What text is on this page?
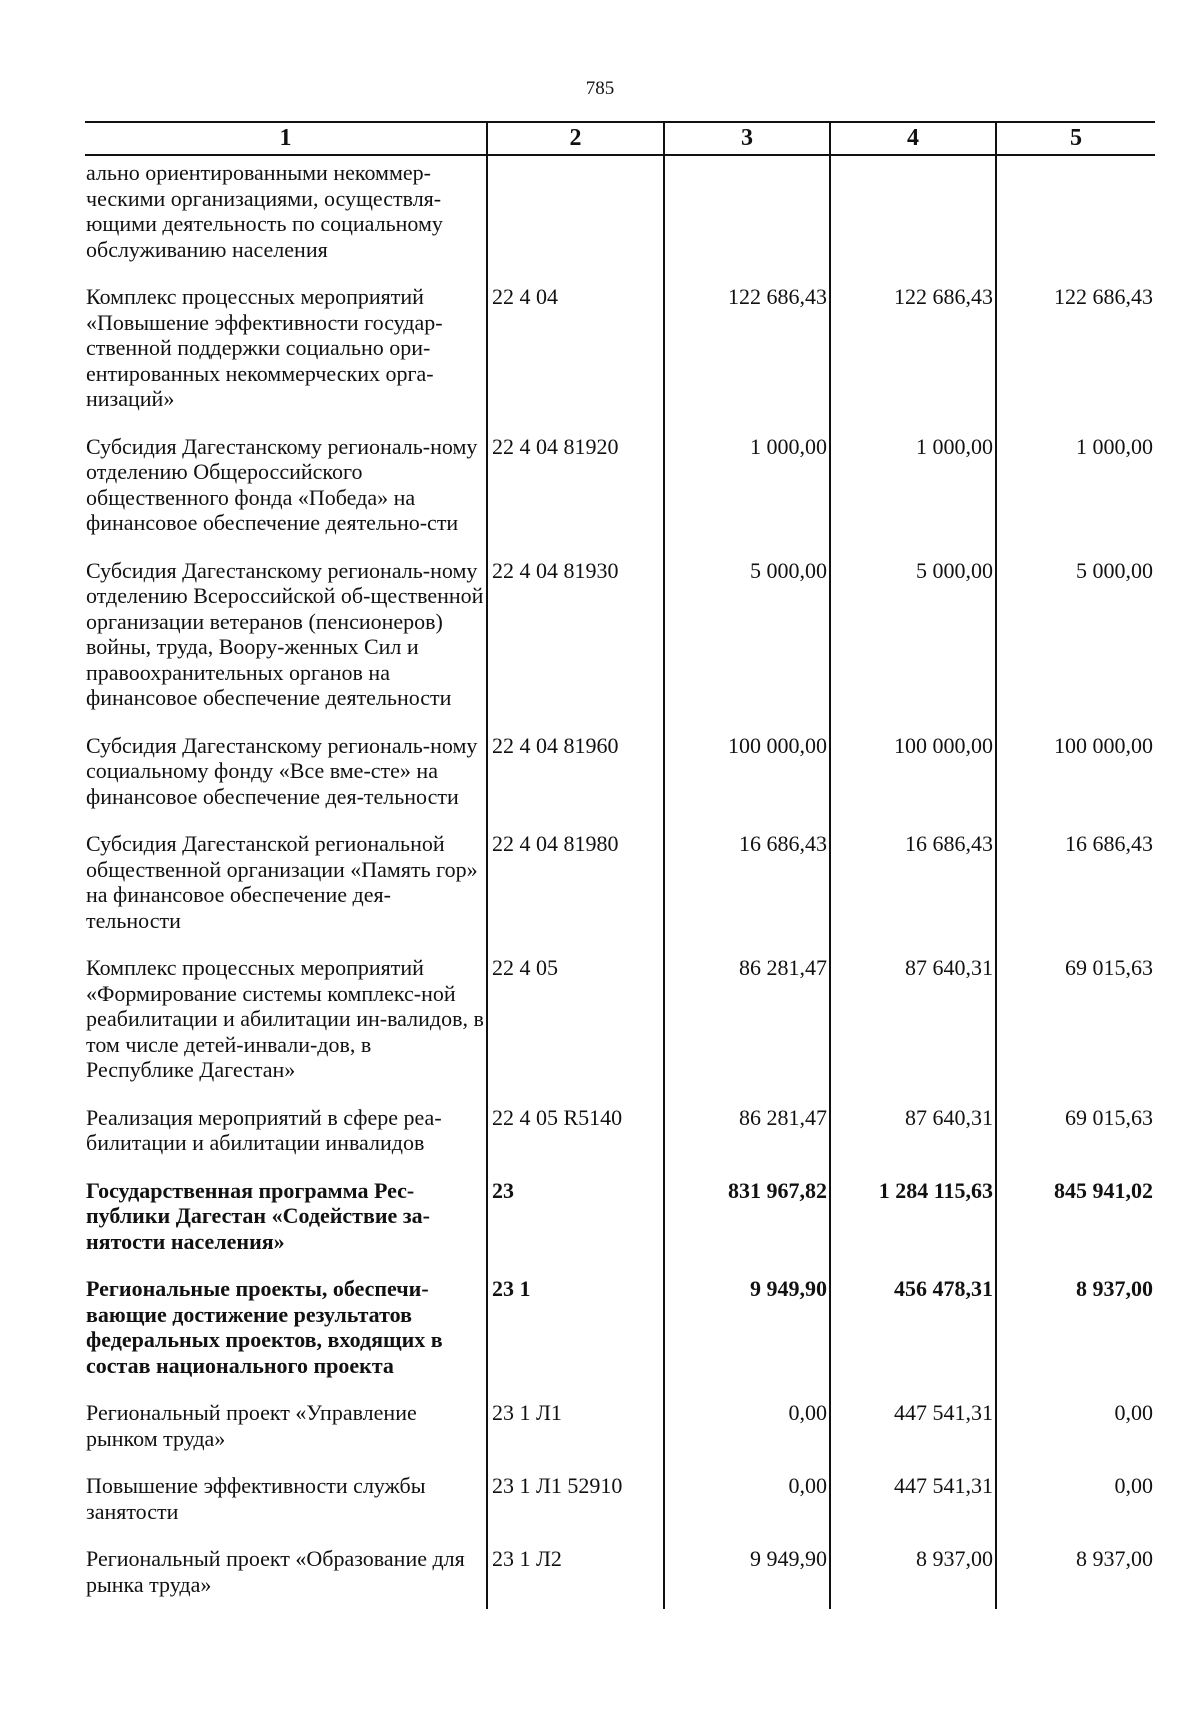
785
1	2	3	4	5
ально ориентированными некоммер-ческими организациями, осуществля-ющими деятельность по социальному обслуживанию населения				
Комплекс процессных мероприятий «Повышение эффективности государ-ственной поддержки социально ори-ентированных некоммерческих орга-низаций»	22 4 04	122 686,43	122 686,43	122 686,43
Субсидия Дагестанскому региональ-ному отделению Общероссийского общественного фонда «Победа» на финансовое обеспечение деятельно-сти	22 4 04 81920	1 000,00	1 000,00	1 000,00
Субсидия Дагестанскому региональ-ному отделению Всероссийской об-щественной организации ветеранов (пенсионеров) войны, труда, Воору-женных Сил и правоохранительных органов на финансовое обеспечение деятельности	22 4 04 81930	5 000,00	5 000,00	5 000,00
Субсидия Дагестанскому региональ-ному социальному фонду «Все вме-сте» на финансовое обеспечение дея-тельности	22 4 04 81960	100 000,00	100 000,00	100 000,00
Субсидия Дагестанской региональной общественной организации «Память гор» на финансовое обеспечение дея-тельности	22 4 04 81980	16 686,43	16 686,43	16 686,43
Комплекс процессных мероприятий «Формирование системы комплекс-ной реабилитации и абилитации ин-валидов, в том числе детей-инвали-дов, в Республике Дагестан»	22 4 05	86 281,47	87 640,31	69 015,63
Реализация мероприятий в сфере реа-билитации и абилитации инвалидов	22 4 05 R5140	86 281,47	87 640,31	69 015,63
Государственная программа Рес-публики Дагестан «Содействие за-нятости населения»	23	831 967,82	1 284 115,63	845 941,02
Региональные проекты, обеспечи-вающие достижение результатов федеральных проектов, входящих в состав национального проекта	23 1	9 949,90	456 478,31	8 937,00
Региональный проект «Управление рынком труда»	23 1 Л1	0,00	447 541,31	0,00
Повышение эффективности службы занятости	23 1 Л1 52910	0,00	447 541,31	0,00
Региональный проект «Образование для рынка труда»	23 1 Л2	9 949,90	8 937,00	8 937,00
